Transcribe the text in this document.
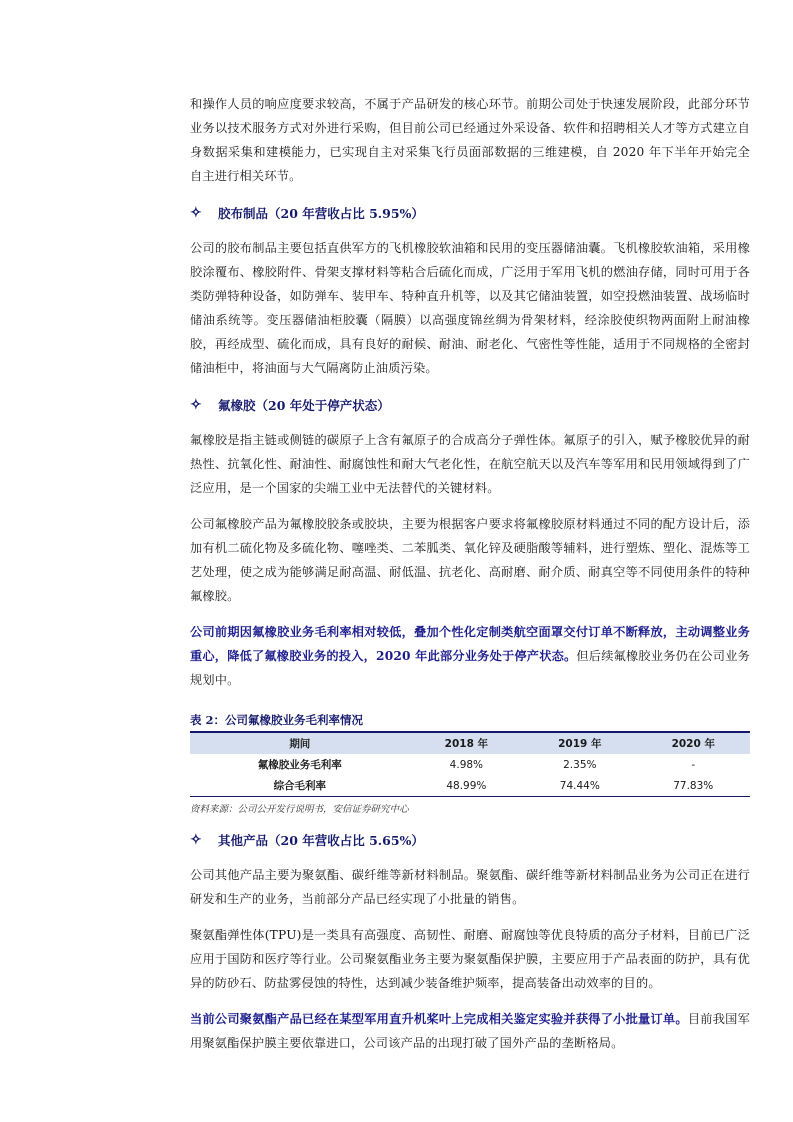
和操作人员的响应度要求较高，不属于产品研发的核心环节。前期公司处于快速发展阶段，此部分环节业务以技术服务方式对外进行采购，但目前公司已经通过外采设备、软件和招聘相关人才等方式建立自身数据采集和建模能力，已实现自主对采集飞行员面部数据的三维建模，自 2020 年下半年开始完全自主进行相关环节。

✧	胶布制品（20 年营收占比 5.95%）

公司的胶布制品主要包括直供军方的飞机橡胶软油箱和民用的变压器储油囊。飞机橡胶软油箱，采用橡胶涂覆布、橡胶附件、骨架支撑材料等粘合后硫化而成，广泛用于军用飞机的燃油存储，同时可用于各类防弹特种设备，如防弹车、装甲车、特种直升机等，以及其它储油装置，如空投燃油装置、战场临时储油系统等。变压器储油柜胶囊（隔膜）以高强度锦丝绸为骨架材料，经涂胶使织物两面附上耐油橡胶，再经成型、硫化而成，具有良好的耐候、耐油、耐老化、气密性等性能，适用于不同规格的全密封储油柜中，将油面与大气隔离防止油质污染。

✧	氟橡胶（20 年处于停产状态）

氟橡胶是指主链或侧链的碳原子上含有氟原子的合成高分子弹性体。氟原子的引入，赋予橡胶优异的耐热性、抗氧化性、耐油性、耐腐蚀性和耐大气老化性，在航空航天以及汽车等军用和民用领域得到了广泛应用，是一个国家的尖端工业中无法替代的关键材料。

公司氟橡胶产品为氟橡胶胶条或胶块，主要为根据客户要求将氟橡胶原材料通过不同的配方设计后，添加有机二硫化物及多硫化物、噻唑类、二苯胍类、氧化锌及硬脂酸等辅料，进行塑炼、塑化、混炼等工艺处理，使之成为能够满足耐高温、耐低温、抗老化、高耐磨、耐介质、耐真空等不同使用条件的特种氟橡胶。

公司前期因氟橡胶业务毛利率相对较低，叠加个性化定制类航空面罩交付订单不断释放，主动调整业务重心，降低了氟橡胶业务的投入，2020 年此部分业务处于停产状态。但后续氟橡胶业务仍在公司业务规划中。

表 2：公司氟橡胶业务毛利率情况
期间	2018 年	2019 年	2020 年
氟橡胶业务毛利率	4.98%	2.35%	-
综合毛利率	48.99%	74.44%	77.83%
资料来源：公司公开发行说明书，安信证券研究中心
✧	其他产品（20 年营收占比 5.65%）

公司其他产品主要为聚氨酯、碳纤维等新材料制品。聚氨酯、碳纤维等新材料制品业务为公司正在进行研发和生产的业务，当前部分产品已经实现了小批量的销售。

聚氨酯弹性体(TPU)是一类具有高强度、高韧性、耐磨、耐腐蚀等优良特质的高分子材料，目前已广泛应用于国防和医疗等行业。公司聚氨酯业务主要为聚氨酯保护膜，主要应用于产品表面的防护，具有优异的防砂石、防盐雾侵蚀的特性，达到减少装备维护频率，提高装备出动效率的目的。

当前公司聚氨酯产品已经在某型军用直升机桨叶上完成相关鉴定实验并获得了小批量订单。目前我国军用聚氨酯保护膜主要依靠进口，公司该产品的出现打破了国外产品的垄断格局。
